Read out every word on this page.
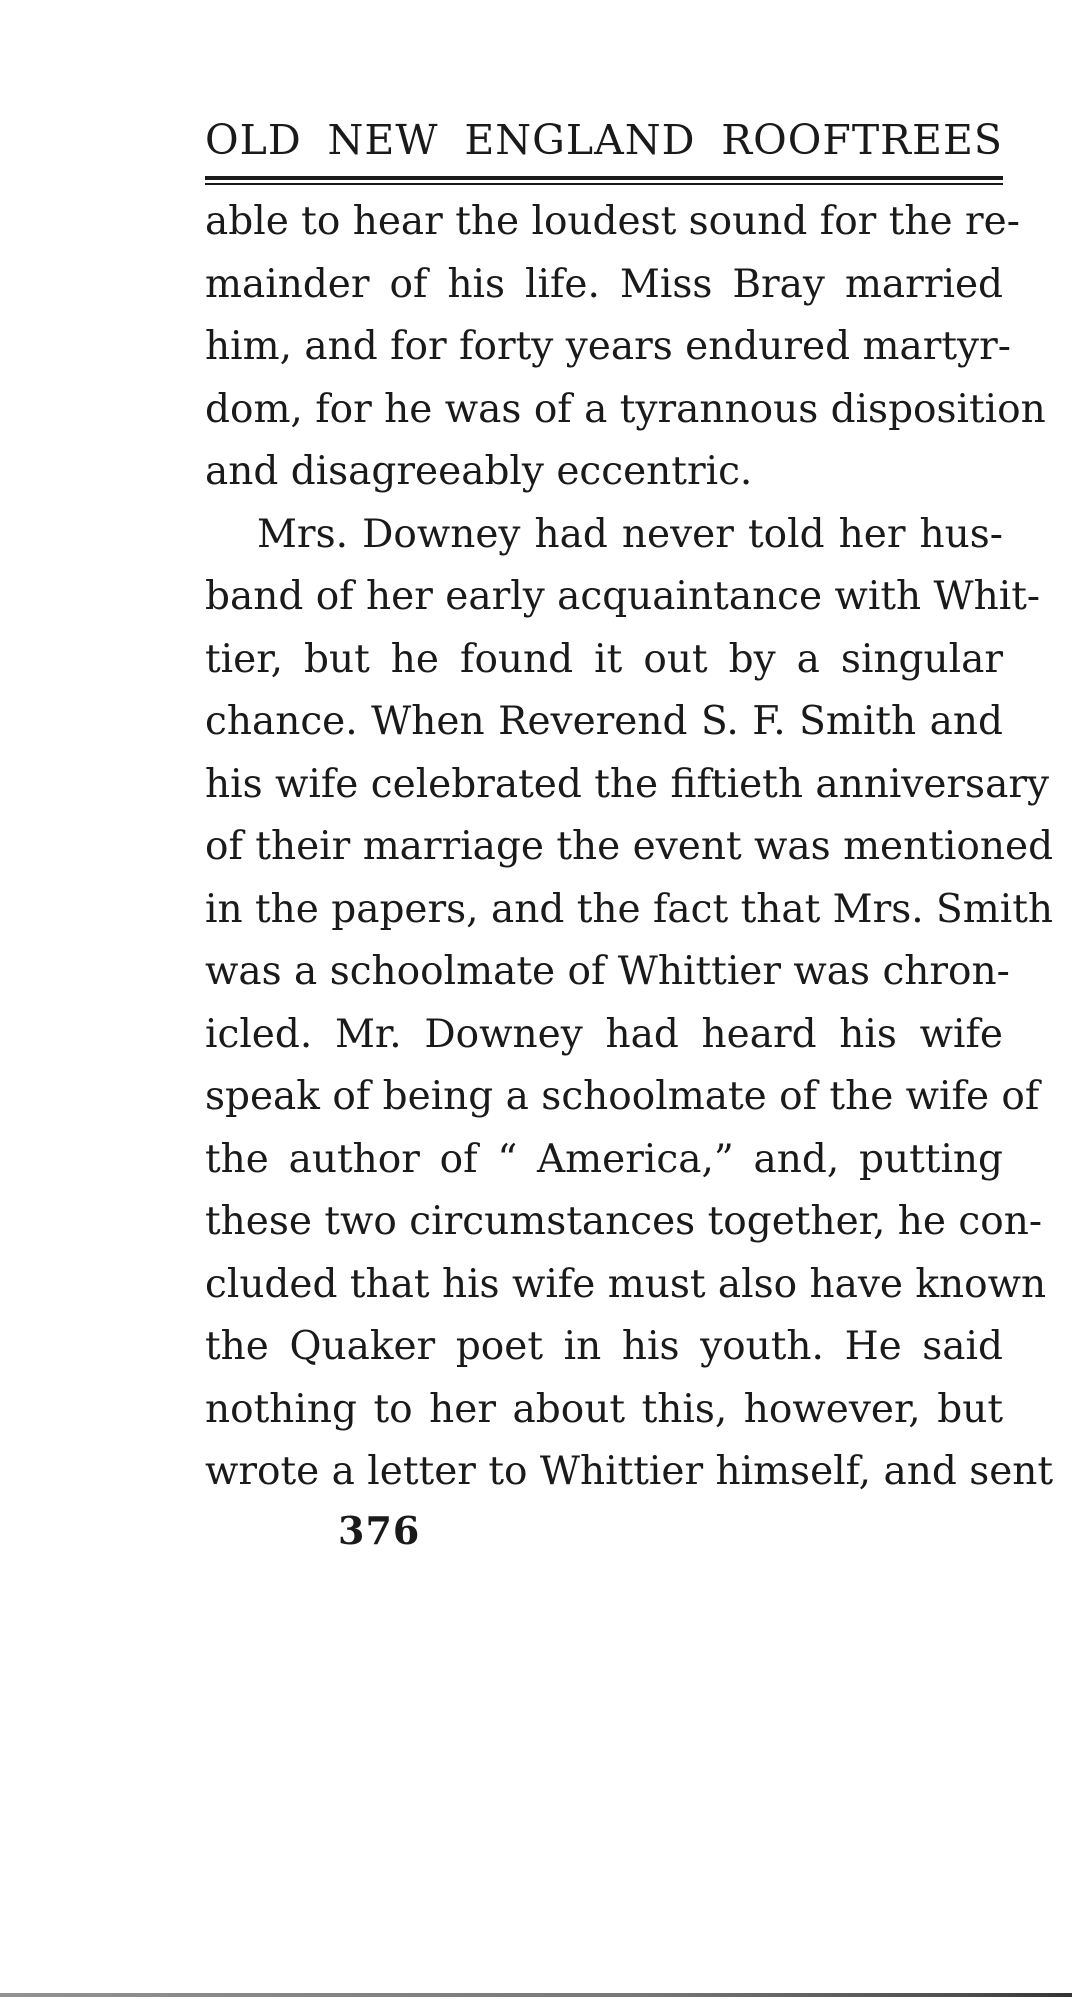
OLD NEW ENGLAND ROOFTREES
able to hear the loudest sound for the re-
mainder of his life. Miss Bray married
him, and for forty years endured martyr-
dom, for he was of a tyrannous disposition
and disagreeably eccentric.
Mrs. Downey had never told her hus-
band of her early acquaintance with Whit-
tier, but he found it out by a singular
chance. When Reverend S. F. Smith and
his wife celebrated the fiftieth anniversary
of their marriage the event was mentioned
in the papers, and the fact that Mrs. Smith
was a schoolmate of Whittier was chron-
icled. Mr. Downey had heard his wife
speak of being a schoolmate of the wife of
the author of “ America,” and, putting
these two circumstances together, he con-
cluded that his wife must also have known
the Quaker poet in his youth. He said
nothing to her about this, however, but
wrote a letter to Whittier himself, and sent
376
